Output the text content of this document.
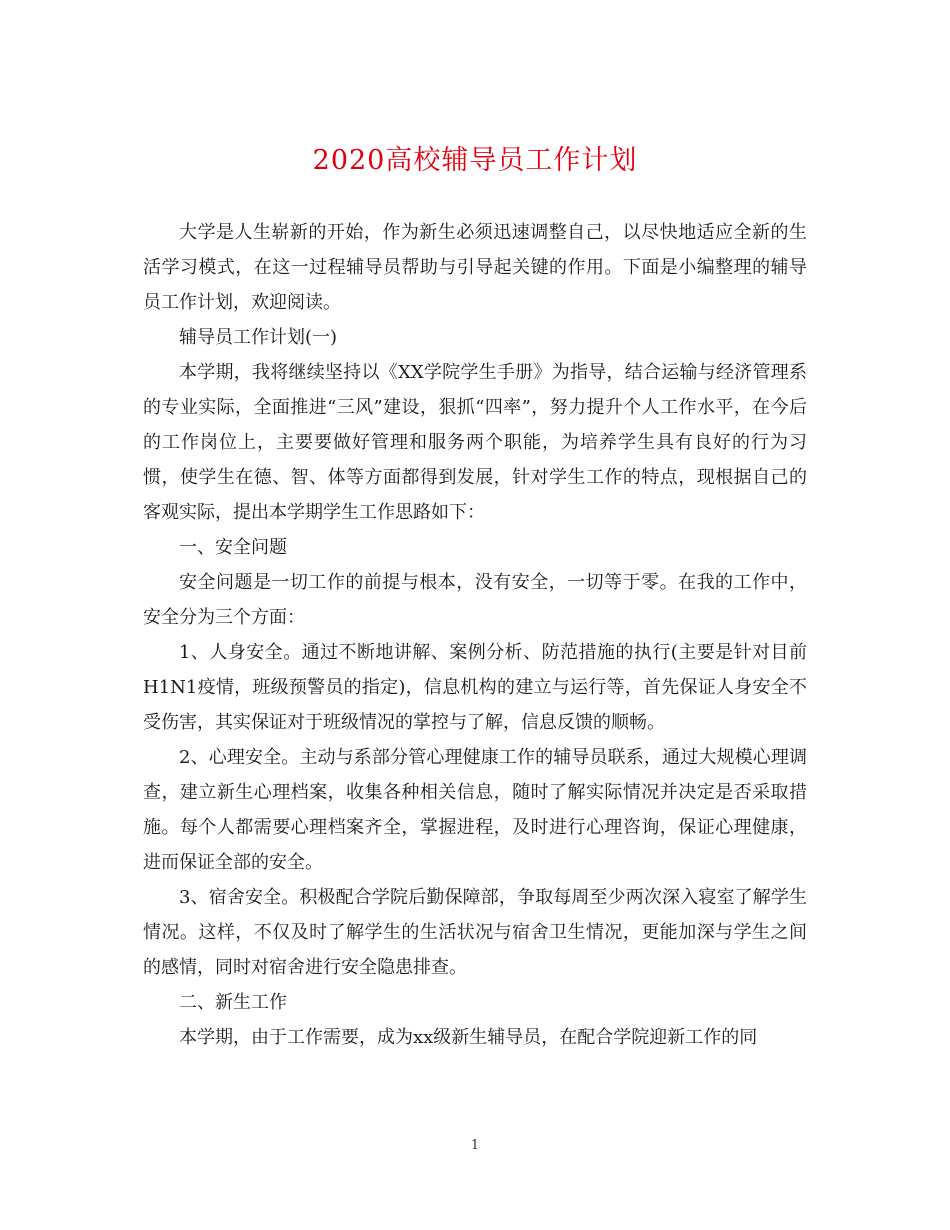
2020高校辅导员工作计划

大学是人生崭新的开始，作为新生必须迅速调整自己，以尽快地适应全新的生活学习模式，在这一过程辅导员帮助与引导起关键的作用。下面是小编整理的辅导员工作计划，欢迎阅读。

辅导员工作计划(一)

本学期，我将继续坚持以《XX学院学生手册》为指导，结合运输与经济管理系的专业实际，全面推进“三风”建设，狠抓“四率”，努力提升个人工作水平，在今后的工作岗位上，主要要做好管理和服务两个职能，为培养学生具有良好的行为习惯，使学生在德、智、体等方面都得到发展，针对学生工作的特点，现根据自己的客观实际，提出本学期学生工作思路如下：

一、安全问题

安全问题是一切工作的前提与根本，没有安全，一切等于零。在我的工作中，安全分为三个方面：

1、人身安全。通过不断地讲解、案例分析、防范措施的执行(主要是针对目前H1N1疫情，班级预警员的指定)，信息机构的建立与运行等，首先保证人身安全不受伤害，其实保证对于班级情况的掌控与了解，信息反馈的顺畅。

2、心理安全。主动与系部分管心理健康工作的辅导员联系，通过大规模心理调查，建立新生心理档案，收集各种相关信息，随时了解实际情况并决定是否采取措施。每个人都需要心理档案齐全，掌握进程，及时进行心理咨询，保证心理健康，进而保证全部的安全。

3、宿舍安全。积极配合学院后勤保障部，争取每周至少两次深入寝室了解学生情况。这样，不仅及时了解学生的生活状况与宿舍卫生情况，更能加深与学生之间的感情，同时对宿舍进行安全隐患排查。

二、新生工作

本学期，由于工作需要，成为xx级新生辅导员，在配合学院迎新工作的同

1
